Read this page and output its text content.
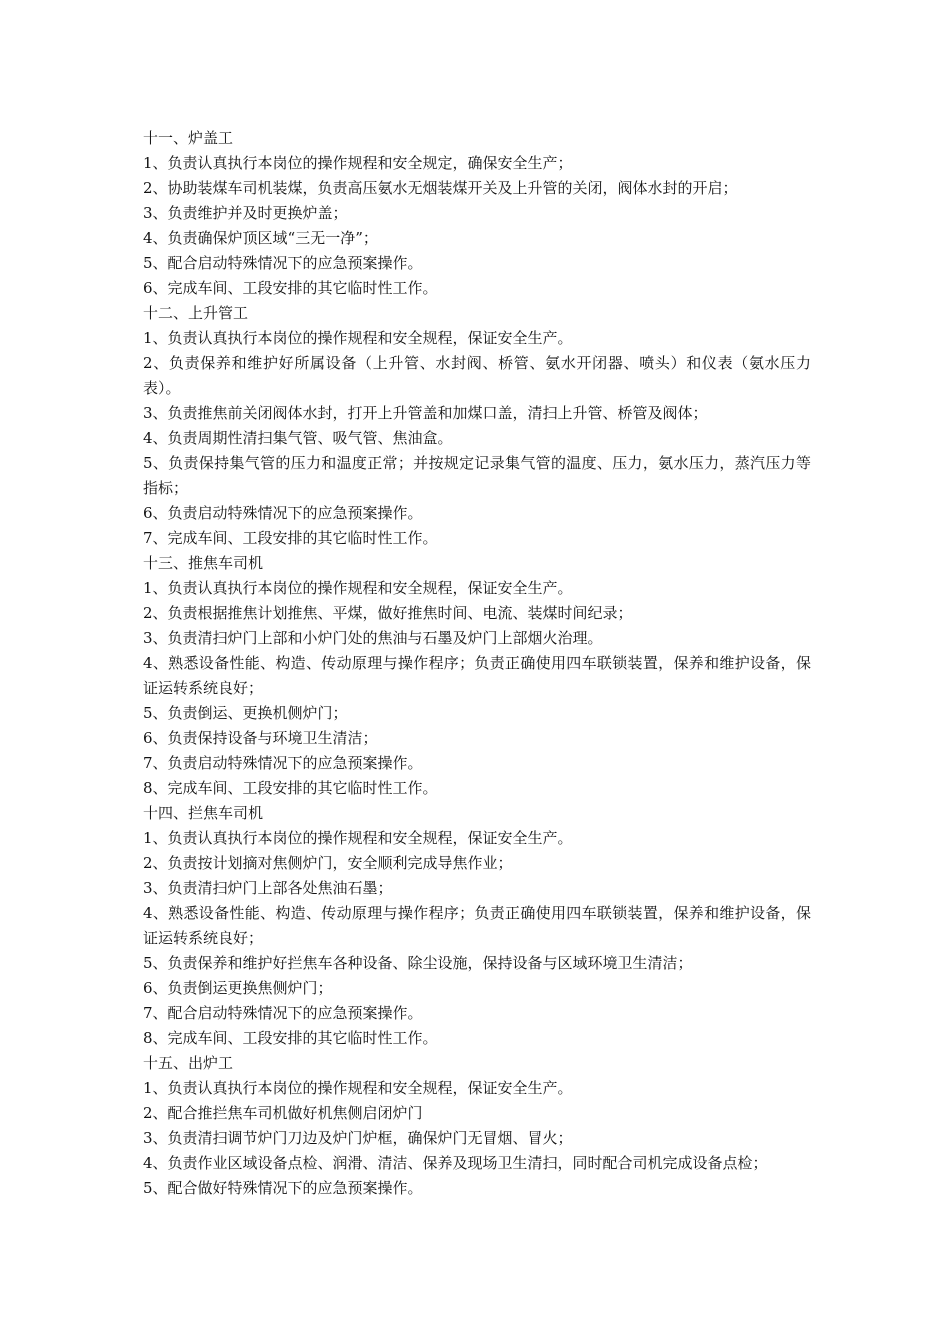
十一、炉盖工

1、负责认真执行本岗位的操作规程和安全规定，确保安全生产；

2、协助装煤车司机装煤，负责高压氨水无烟装煤开关及上升管的关闭，阀体水封的开启；

3、负责维护并及时更换炉盖；

4、负责确保炉顶区域“三无一净”；

5、配合启动特殊情况下的应急预案操作。

6、完成车间、工段安排的其它临时性工作。

十二、上升管工

1、负责认真执行本岗位的操作规程和安全规程，保证安全生产。

2、负责保养和维护好所属设备（上升管、水封阀、桥管、氨水开闭器、喷头）和仪表（氨水压力表）。

3、负责推焦前关闭阀体水封，打开上升管盖和加煤口盖，清扫上升管、桥管及阀体；

4、负责周期性清扫集气管、吸气管、焦油盒。

5、负责保持集气管的压力和温度正常；并按规定记录集气管的温度、压力，氨水压力，蒸汽压力等指标；

6、负责启动特殊情况下的应急预案操作。

7、完成车间、工段安排的其它临时性工作。

十三、推焦车司机

1、负责认真执行本岗位的操作规程和安全规程，保证安全生产。

2、负责根据推焦计划推焦、平煤，做好推焦时间、电流、装煤时间纪录；

3、负责清扫炉门上部和小炉门处的焦油与石墨及炉门上部烟火治理。

4、熟悉设备性能、构造、传动原理与操作程序；负责正确使用四车联锁装置，保养和维护设备，保证运转系统良好；

5、负责倒运、更换机侧炉门；

6、负责保持设备与环境卫生清洁；

7、负责启动特殊情况下的应急预案操作。

8、完成车间、工段安排的其它临时性工作。

十四、拦焦车司机

1、负责认真执行本岗位的操作规程和安全规程，保证安全生产。

2、负责按计划摘对焦侧炉门，安全顺利完成导焦作业；

3、负责清扫炉门上部各处焦油石墨；

4、熟悉设备性能、构造、传动原理与操作程序；负责正确使用四车联锁装置，保养和维护设备，保证运转系统良好；

5、负责保养和维护好拦焦车各种设备、除尘设施，保持设备与区域环境卫生清洁；

6、负责倒运更换焦侧炉门；

7、配合启动特殊情况下的应急预案操作。

8、完成车间、工段安排的其它临时性工作。

十五、出炉工

1、负责认真执行本岗位的操作规程和安全规程，保证安全生产。

2、配合推拦焦车司机做好机焦侧启闭炉门

3、负责清扫调节炉门刀边及炉门炉框，确保炉门无冒烟、冒火；

4、负责作业区域设备点检、润滑、清洁、保养及现场卫生清扫，同时配合司机完成设备点检；

5、配合做好特殊情况下的应急预案操作。
